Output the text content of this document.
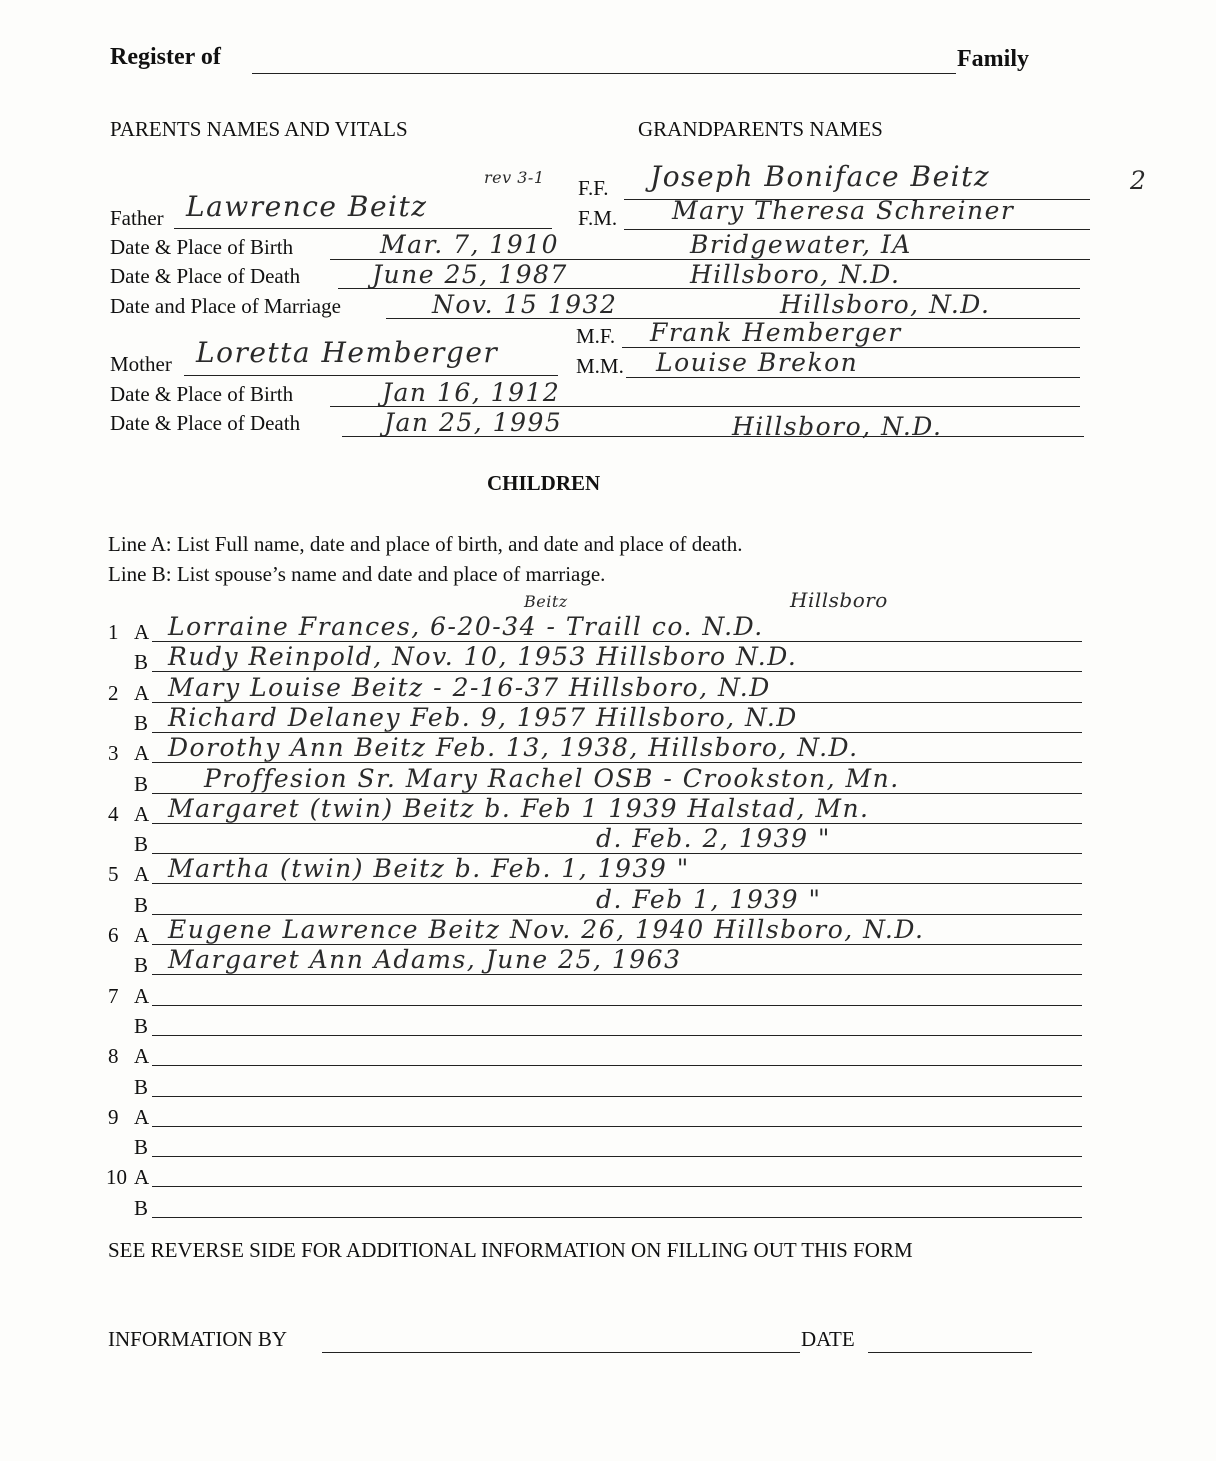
Register of	Family
PARENTS NAMES AND VITALS	GRANDPARENTS NAMES
Father Lawrence Beitz
rev 3-1 F.F. Joseph Boniface Beitz	2
F.M. Mary Theresa Schreiner
Date & Place of Birth	Mar. 7, 1910	Bridgewater, IA
Date & Place of Death	June 25, 1987	Hillsboro, N.D.
Date and Place of Marriage	Nov. 15 1932	Hillsboro, N.D.
M.F. Frank Hemberger
Mother Loretta Hemberger	M.M. Louise Brekon
Date & Place of Birth	Jan 16, 1912
Date & Place of Death	Jan 25, 1995	Hillsboro, N.D.
CHILDREN
Line A: List Full name, date and place of birth, and date and place of death.
Line B: List spouse’s name and date and place of marriage.
1 A Lorraine Frances, 6-20-34 - Traill co. N.D.
Beitz	Hillsboro
B Rudy Reinpold, Nov. 10, 1953 Hillsboro N.D.
2 A Mary Louise Beitz - 2-16-37 Hillsboro, N.D
B Richard Delaney Feb. 9, 1957 Hillsboro, N.D
3 A Dorothy Ann Beitz Feb. 13, 1938, Hillsboro, N.D.
B Proffesion Sr. Mary Rachel OSB - Crookston, Mn.
4 A Margaret (twin) Beitz b. Feb 1 1939 Halstad, Mn.
B	d. Feb. 2, 1939 "
5 A Martha (twin) Beitz b. Feb. 1, 1939 "
B	d. Feb 1, 1939 "
6 A Eugene Lawrence Beitz Nov. 26, 1940 Hillsboro, N.D.
B Margaret Ann Adams, June 25, 1963
7 A
B
8 A
B
9 A
B
10 A
B
SEE REVERSE SIDE FOR ADDITIONAL INFORMATION ON FILLING OUT THIS FORM
INFORMATION BY	DATE
